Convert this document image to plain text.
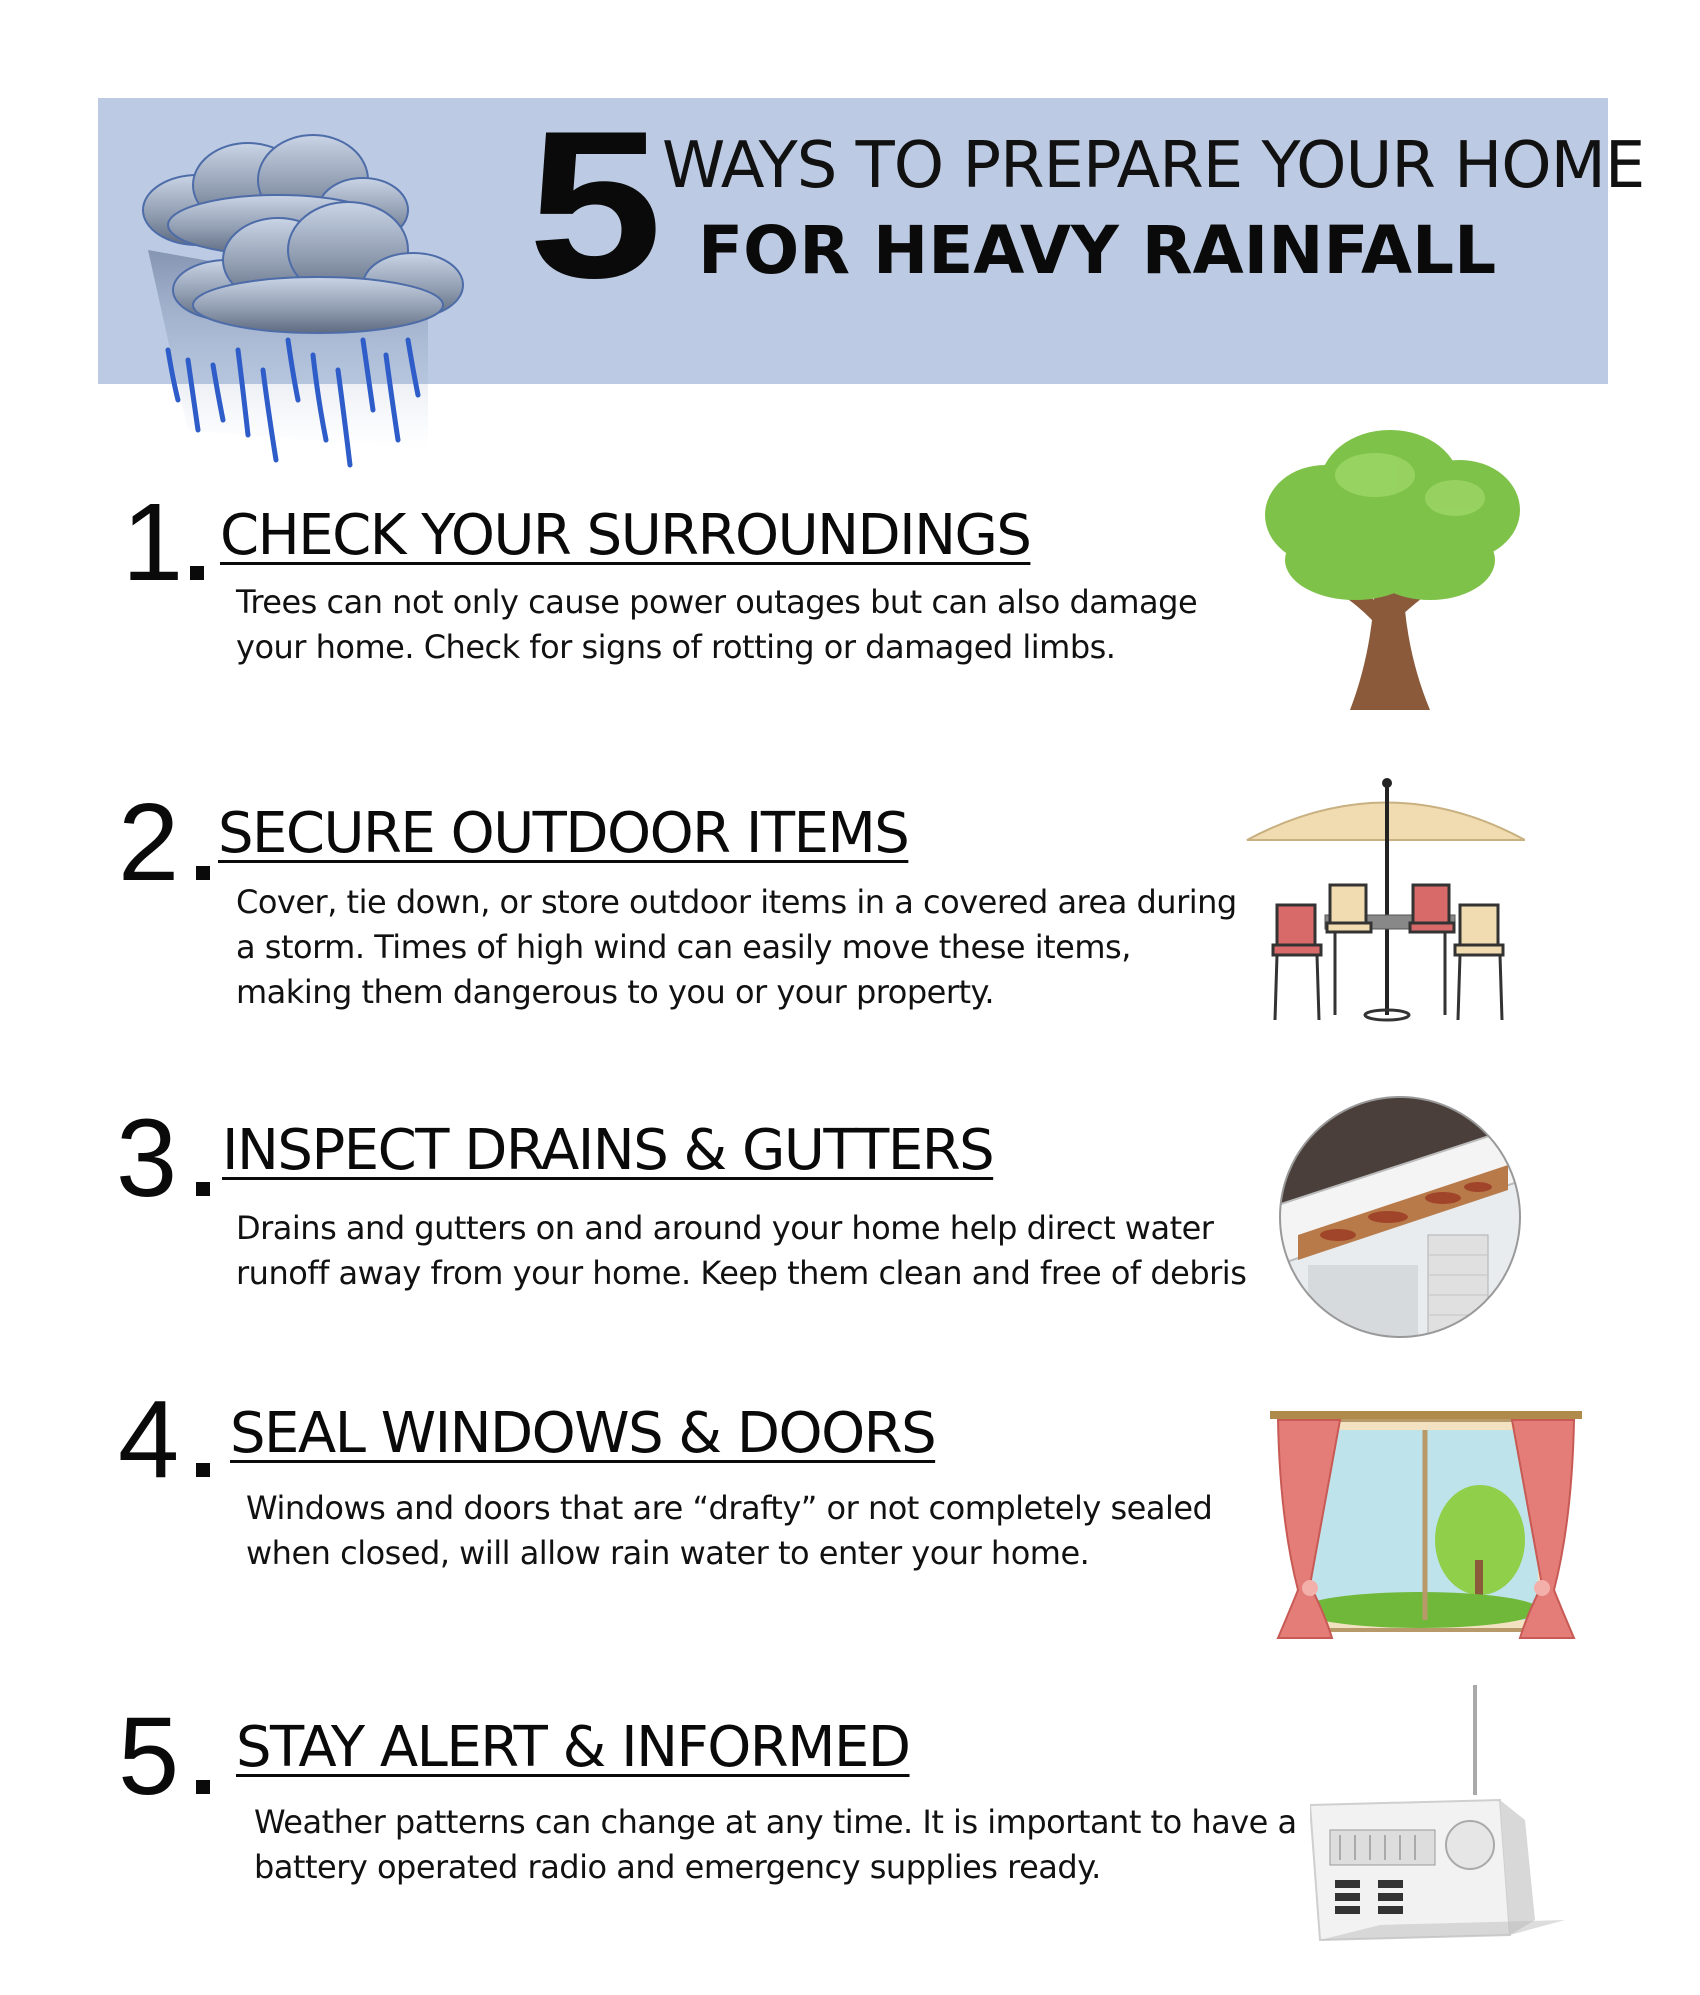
5 WAYS TO PREPARE YOUR HOME
FOR HEAVY RAINFALL
1 CHECK YOUR SURROUNDINGS
Trees can not only cause power outages but can also damage
your home. Check for signs of rotting or damaged limbs.
2 SECURE OUTDOOR ITEMS
Cover, tie down, or store outdoor items in a covered area during
a storm. Times of high wind can easily move these items,
making them dangerous to you or your property.
3 INSPECT DRAINS & GUTTERS
Drains and gutters on and around your home help direct water
runoff away from your home. Keep them clean and free of debris
4 SEAL WINDOWS & DOORS
Windows and doors that are “drafty” or not completely sealed
when closed, will allow rain water to enter your home.
5 STAY ALERT & INFORMED
Weather patterns can change at any time. It is important to have a
battery operated radio and emergency supplies ready.
